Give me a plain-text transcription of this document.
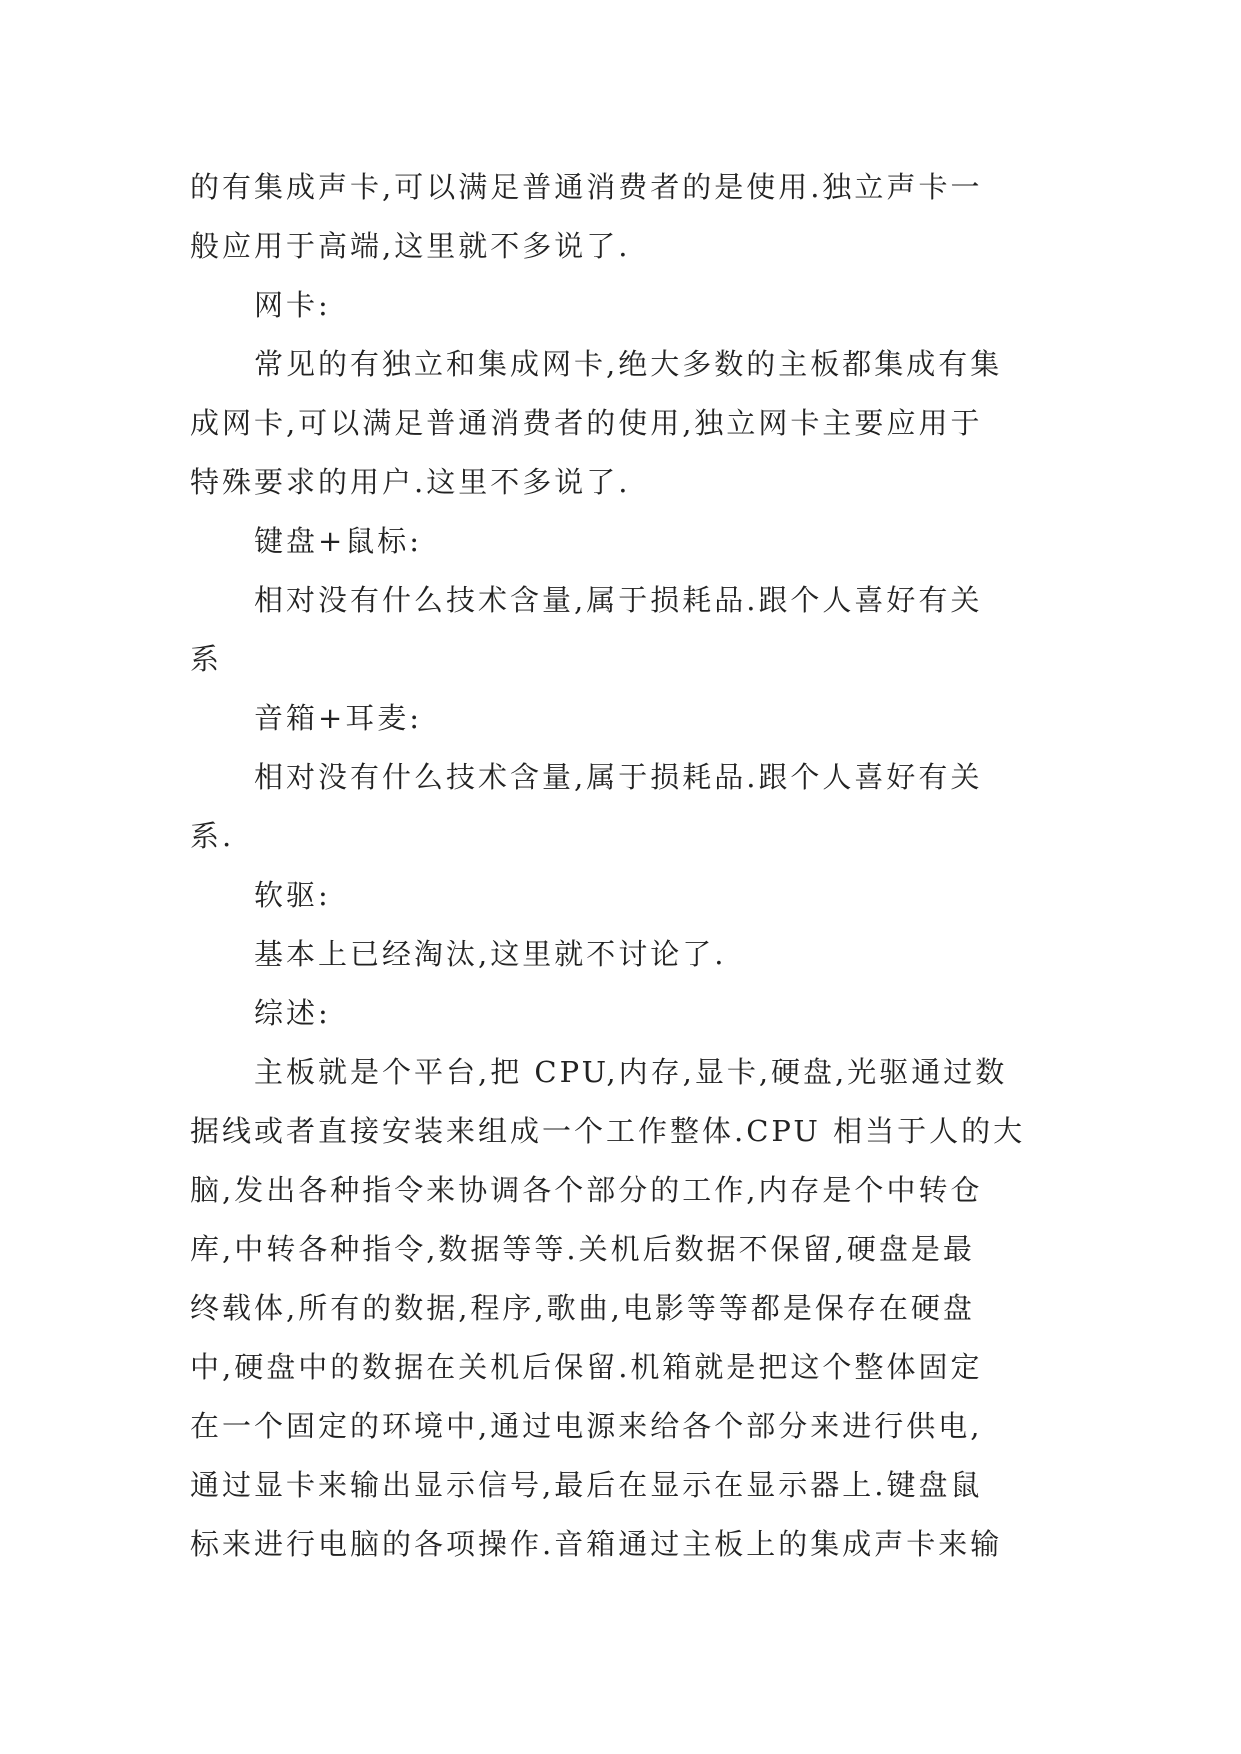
的有集成声卡,可以满足普通消费者的是使用.独立声卡一

般应用于高端,这里就不多说了.

网卡:

常见的有独立和集成网卡,绝大多数的主板都集成有集

成网卡,可以满足普通消费者的使用,独立网卡主要应用于

特殊要求的用户.这里不多说了.

键盘+鼠标:

相对没有什么技术含量,属于损耗品.跟个人喜好有关

系

音箱+耳麦:

相对没有什么技术含量,属于损耗品.跟个人喜好有关

系.

软驱:

基本上已经淘汰,这里就不讨论了.

综述:

主板就是个平台,把 CPU,内存,显卡,硬盘,光驱通过数

据线或者直接安装来组成一个工作整体.CPU 相当于人的大

脑,发出各种指令来协调各个部分的工作,内存是个中转仓

库,中转各种指令,数据等等.关机后数据不保留,硬盘是最

终载体,所有的数据,程序,歌曲,电影等等都是保存在硬盘

中,硬盘中的数据在关机后保留.机箱就是把这个整体固定

在一个固定的环境中,通过电源来给各个部分来进行供电,

通过显卡来输出显示信号,最后在显示在显示器上.键盘鼠

标来进行电脑的各项操作.音箱通过主板上的集成声卡来输
